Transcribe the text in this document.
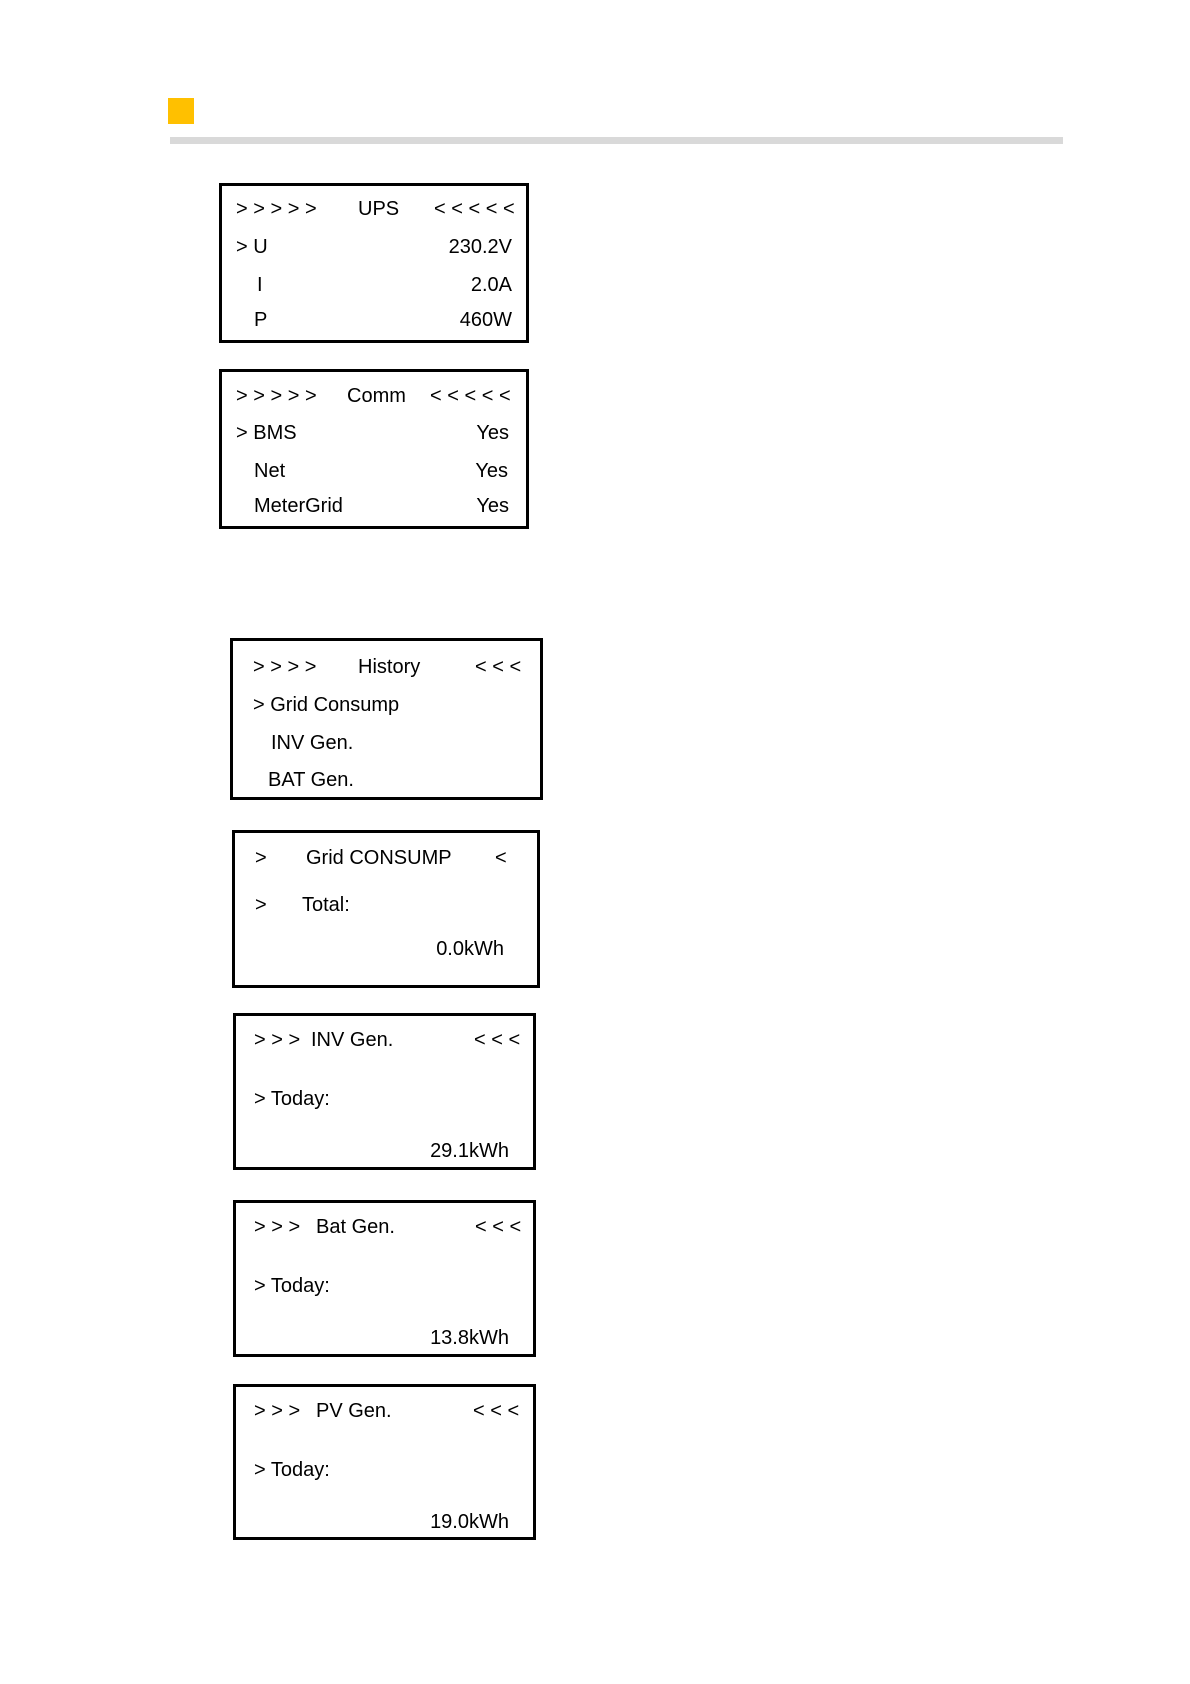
> > > > > UPS < < < < <
> U	230.2V
I	2.0A
P	460W
> > > > > Comm < < < < <
> BMS	Yes
Net	Yes
MeterGrid	Yes
> > > > History	< < <
> Grid Consump
INV Gen.
BAT Gen.
> Grid CONSUMP <
> Total:
0.0kWh
> > > INV Gen.	< < <
> Today:
29.1kWh
> > > Bat Gen.	< < <
> Today:
13.8kWh
> > > PV Gen.	< < <
> Today:
19.0kWh
